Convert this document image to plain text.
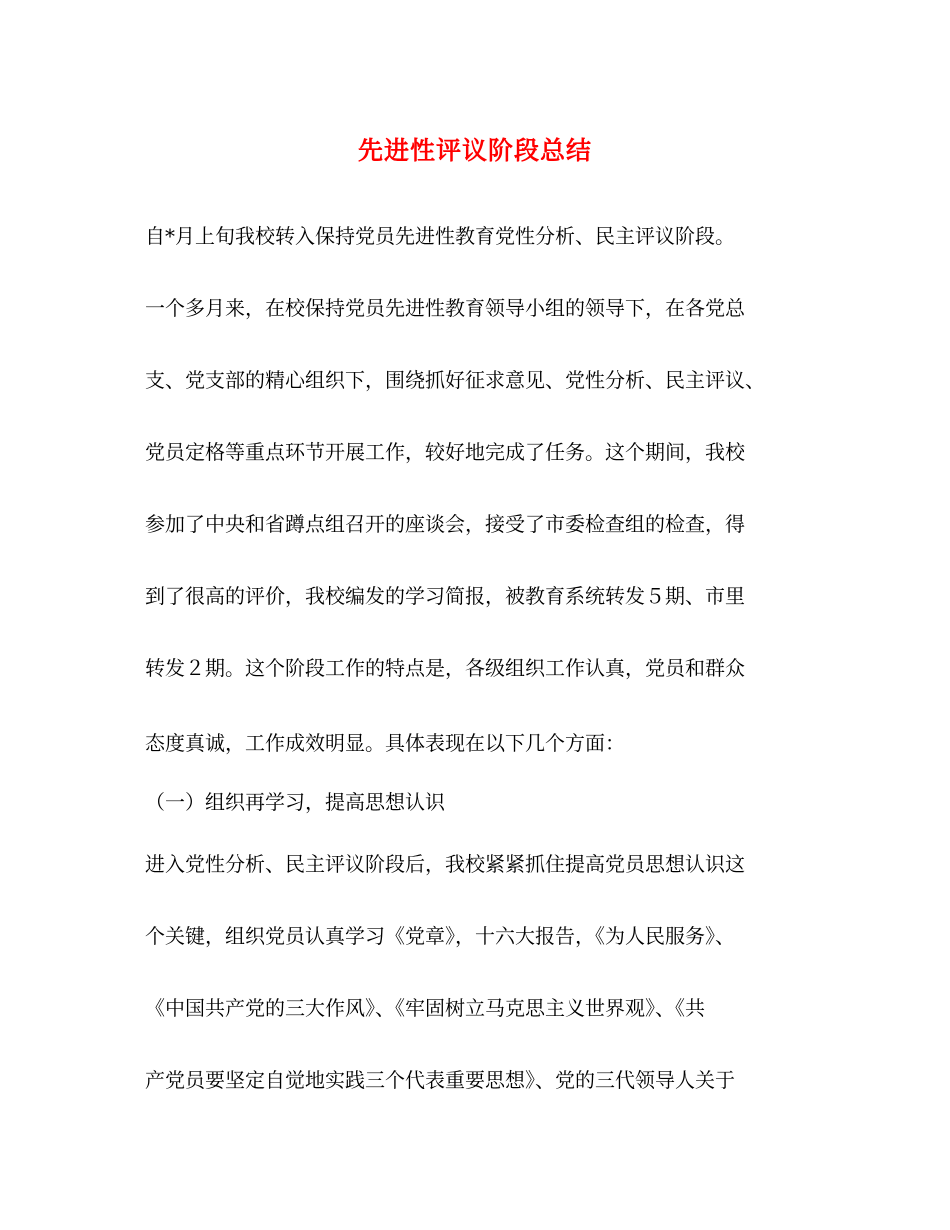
先进性评议阶段总结
自*月上旬我校转入保持党员先进性教育党性分析、民主评议阶段。
一个多月来，在校保持党员先进性教育领导小组的领导下，在各党总
支、党支部的精心组织下，围绕抓好征求意见、党性分析、民主评议、
党员定格等重点环节开展工作，较好地完成了任务。这个期间，我校
参加了中央和省蹲点组召开的座谈会，接受了市委检查组的检查，得
到了很高的评价，我校编发的学习简报，被教育系统转发５期、市里
转发２期。这个阶段工作的特点是，各级组织工作认真，党员和群众
态度真诚，工作成效明显。具体表现在以下几个方面：
（一）组织再学习，提高思想认识
进入党性分析、民主评议阶段后，我校紧紧抓住提高党员思想认识这
个关键，组织党员认真学习《党章》，十六大报告，《为人民服务》、
《中国共产党的三大作风》、《牢固树立马克思主义世界观》、《共
产党员要坚定自觉地实践三个代表重要思想》、党的三代领导人关于
